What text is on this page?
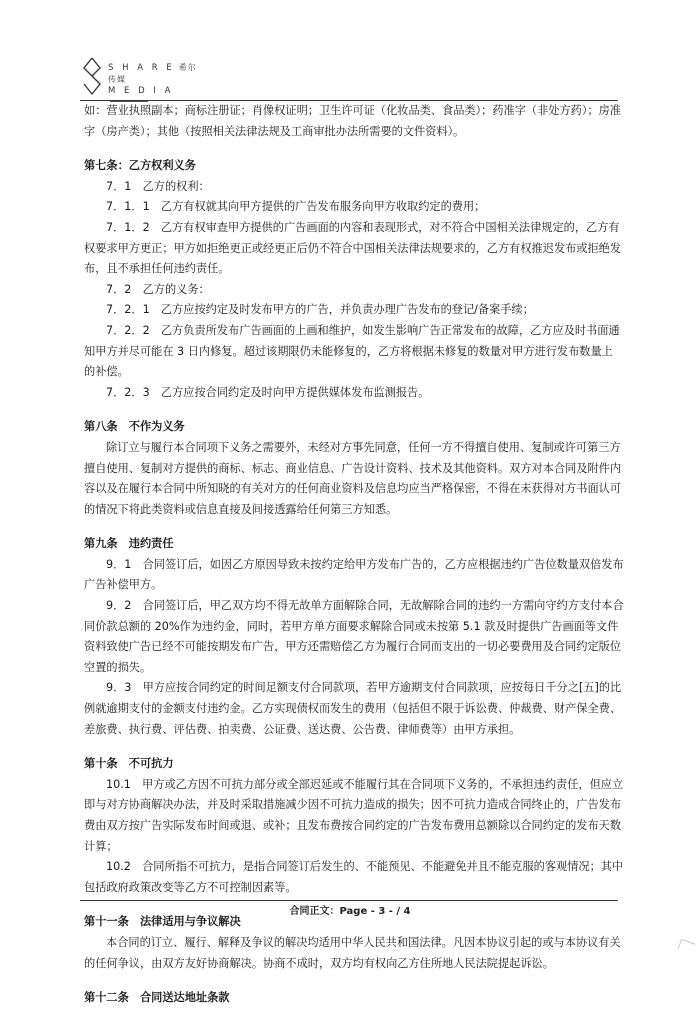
S H A R E 希尔传媒
M E D I A

如：营业执照副本；商标注册证；肖像权证明；卫生许可证（化妆品类、食品类）；药准字（非处方药）；房准字（房产类）；其他（按照相关法律法规及工商审批办法所需要的文件资料）。

第七条：乙方权利义务

7．1　乙方的权利：

7．1．1　乙方有权就其向甲方提供的广告发布服务向甲方收取约定的费用；

7．1．2　乙方有权审查甲方提供的广告画面的内容和表现形式，对不符合中国相关法律规定的，乙方有权要求甲方更正；甲方如拒绝更正或经更正后仍不符合中国相关法律法规要求的，乙方有权推迟发布或拒绝发布，且不承担任何违约责任。

7．2　乙方的义务：

7．2．1　乙方应按约定及时发布甲方的广告，并负责办理广告发布的登记/备案手续；

7．2．2　乙方负责所发布广告画面的上画和维护，如发生影响广告正常发布的故障，乙方应及时书面通知甲方并尽可能在 3 日内修复。超过该期限仍未能修复的，乙方将根据未修复的数量对甲方进行发布数量上的补偿。

7．2．3　乙方应按合同约定及时向甲方提供媒体发布监测报告。

第八条　不作为义务

除订立与履行本合同项下义务之需要外，未经对方事先同意，任何一方不得擅自使用、复制或许可第三方擅自使用、复制对方提供的商标、标志、商业信息、广告设计资料、技术及其他资料。双方对本合同及附件内容以及在履行本合同中所知晓的有关对方的任何商业资料及信息均应当严格保密，不得在未获得对方书面认可的情况下将此类资料或信息直接及间接透露给任何第三方知悉。

第九条　违约责任

9．1　合同签订后，如因乙方原因导致未按约定给甲方发布广告的，乙方应根据违约广告位数量双倍发布广告补偿甲方。

9．2　合同签订后，甲乙双方均不得无故单方面解除合同，无故解除合同的违约一方需向守约方支付本合同价款总额的 20%作为违约金，同时，若甲方单方面要求解除合同或未按第 5.1 款及时提供广告画面等文件资料致使广告已经不可能按期发布广告，甲方还需赔偿乙方为履行合同而支出的一切必要费用及合同约定版位空置的损失。

9．3　甲方应按合同约定的时间足额支付合同款项，若甲方逾期支付合同款项，应按每日千分之[五]的比例就逾期支付的金额支付违约金。乙方实现债权而发生的费用（包括但不限于诉讼费、仲裁费、财产保全费、差旅费、执行费、评估费、拍卖费、公证费、送达费、公告费、律师费等）由甲方承担。

第十条　不可抗力

10.1　甲方或乙方因不可抗力部分或全部迟延或不能履行其在合同项下义务的，不承担违约责任，但应立即与对方协商解决办法，并及时采取措施减少因不可抗力造成的损失；因不可抗力造成合同终止的，广告发布费由双方按广告实际发布时间或退、或补；且发布费按合同约定的广告发布费用总额除以合同约定的发布天数计算；

10.2　合同所指不可抗力，是指合同签订后发生的、不能预见、不能避免并且不能克服的客观情况；其中包括政府政策改变等乙方不可控制因素等。

第十一条　法律适用与争议解决

本合同的订立、履行、解释及争议的解决均适用中华人民共和国法律。凡因本协议引起的或与本协议有关的任何争议，由双方友好协商解决。协商不成时，双方均有权向乙方住所地人民法院提起诉讼。

第十二条　合同送达地址条款

合同正文：Page - 3 - / 4
